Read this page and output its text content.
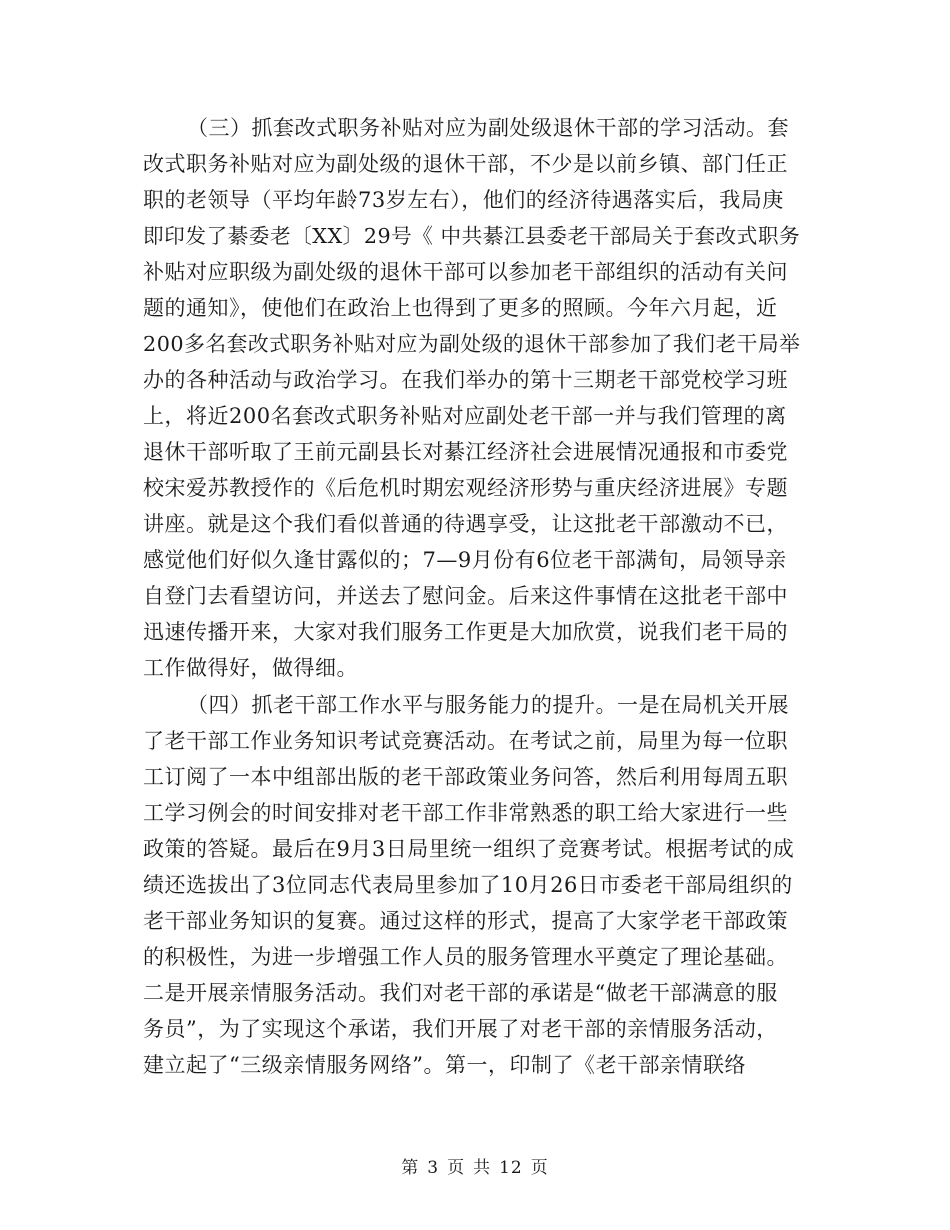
（三）抓套改式职务补贴对应为副处级退休干部的学习活动。套
改式职务补贴对应为副处级的退休干部，不少是以前乡镇、部门任正
职的老领导（平均年龄73岁左右），他们的经济待遇落实后，我局庚
即印发了綦委老〔XX〕29号《 中共綦江县委老干部局关于套改式职务
补贴对应职级为副处级的退休干部可以参加老干部组织的活动有关问
题的通知》，使他们在政治上也得到了更多的照顾。今年六月起，近
200多名套改式职务补贴对应为副处级的退休干部参加了我们老干局举
办的各种活动与政治学习。在我们举办的第十三期老干部党校学习班
上，将近200名套改式职务补贴对应副处老干部一并与我们管理的离
退休干部听取了王前元副县长对綦江经济社会进展情况通报和市委党
校宋爱苏教授作的《后危机时期宏观经济形势与重庆经济进展》专题
讲座。就是这个我们看似普通的待遇享受，让这批老干部激动不已，
感觉他们好似久逢甘露似的；7—9月份有6位老干部满旬，局领导亲
自登门去看望访问，并送去了慰问金。后来这件事情在这批老干部中
迅速传播开来，大家对我们服务工作更是大加欣赏，说我们老干局的
工作做得好，做得细。

（四）抓老干部工作水平与服务能力的提升。一是在局机关开展
了老干部工作业务知识考试竞赛活动。在考试之前，局里为每一位职
工订阅了一本中组部出版的老干部政策业务问答，然后利用每周五职
工学习例会的时间安排对老干部工作非常熟悉的职工给大家进行一些
政策的答疑。最后在9月3日局里统一组织了竞赛考试。根据考试的成
绩还选拔出了3位同志代表局里参加了10月26日市委老干部局组织的
老干部业务知识的复赛。通过这样的形式，提高了大家学老干部政策
的积极性，为进一步增强工作人员的服务管理水平奠定了理论基础。
二是开展亲情服务活动。我们对老干部的承诺是“做老干部满意的服
务员”，为了实现这个承诺，我们开展了对老干部的亲情服务活动，
建立起了“三级亲情服务网络”。第一，印制了《老干部亲情联络

第 3 页 共 12 页
